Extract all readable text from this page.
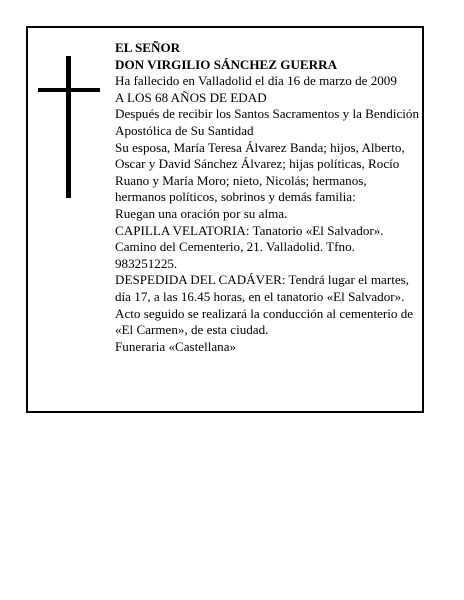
EL SEÑOR

DON VIRGILIO SÁNCHEZ GUERRA

Ha fallecido en Valladolid el día 16 de marzo de 2009

A LOS 68 AÑOS DE EDAD

Después de recibir los Santos Sacramentos y la Bendición Apostólica de Su Santidad

Su esposa, María Teresa Álvarez Banda; hijos, Alberto, Oscar y David Sánchez Álvarez; hijas políticas, Rocío Ruano y María Moro; nieto, Nicolás; hermanos, hermanos políticos, sobrinos y demás familia:

Ruegan una oración por su alma.

CAPILLA VELATORIA: Tanatorio «El Salvador». Camino del Cementerio, 21. Valladolid. Tfno. 983251225.

DESPEDIDA DEL CADÁVER: Tendrá lugar el martes, día 17, a las 16.45 horas, en el tanatorio «El Salvador». Acto seguido se realizará la conducción al cementerio de «El Carmen», de esta ciudad.

Funeraria «Castellana»
